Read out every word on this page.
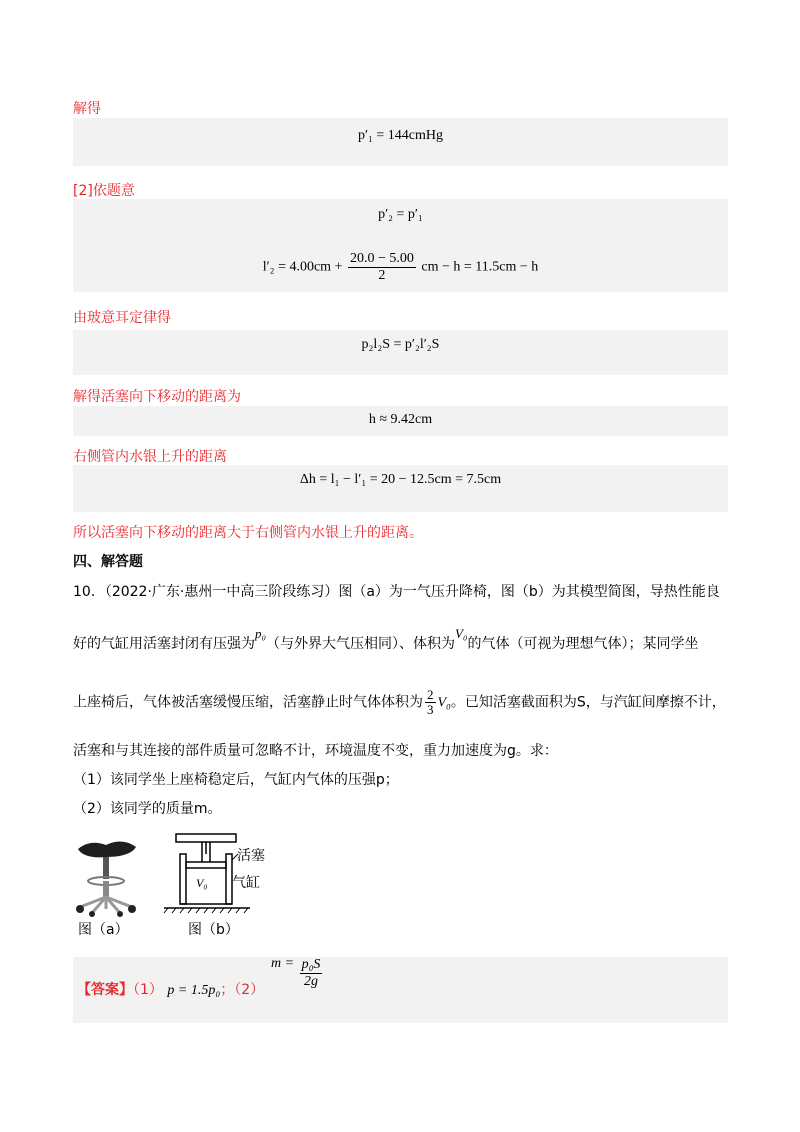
解得
p′₁ = 144cmHg
[2]依题意
p′₂ = p′₁
$l'_2 = 4.00cm + \frac{20.0 - 5.00}{2}$ cm − h = 11.5cm − h
由玻意耳定律得
p₂l₂S = p′₂l′₂S
解得活塞向下移动的距离为
h ≈ 9.42cm
右侧管内水银上升的距离
Δh = l₁ − l′₁ = 20 − 12.5cm = 7.5cm
所以活塞向下移动的距离大于右侧管内水银上升的距离。
四、解答题
10．（2022·广东·惠州一中高三阶段练习）图（a）为一气压升降椅，图（b）为其模型简图，导热性能良
好的气缸用活塞封闭有压强为p₀（与外界大气压相同）、体积为V₀的气体（可视为理想气体）；某同学坐
上座椅后，气体被活塞缓慢压缩，活塞静止时气体体积为 $\frac{2}{3} V_0$。已知活塞截面积为S，与汽缸间摩擦不计，
活塞和与其连接的部件质量可忽略不计，环境温度不变，重力加速度为g。求：
（1）该同学坐上座椅稳定后，气缸内气体的压强p；
（2）该同学的质量m。
V₀
活塞
气缸
图（a）	图（b）
【答案】（1） p = 1.5p₀；（2）
$m = \frac{\text{p₀S}}{2g}$
